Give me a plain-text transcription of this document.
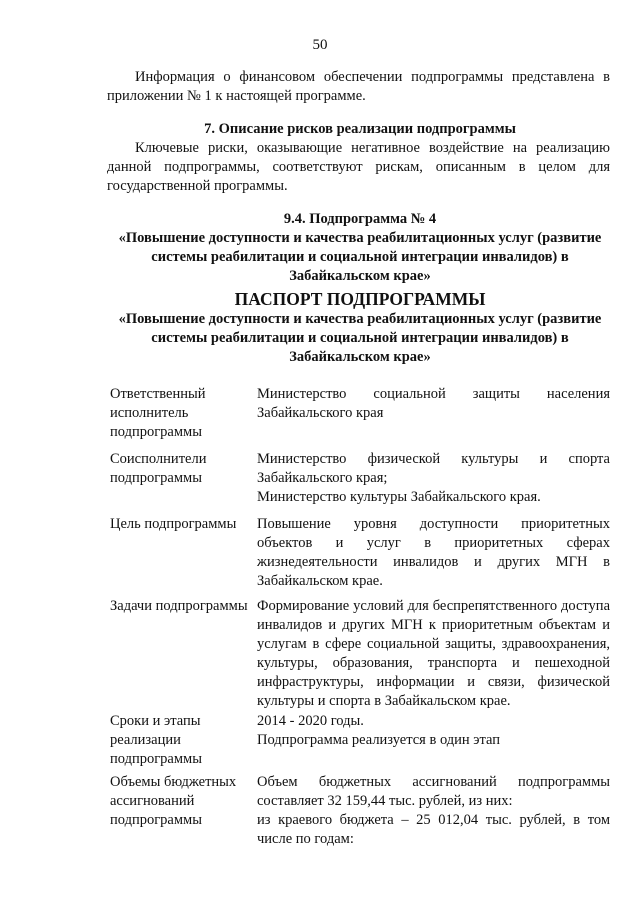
50
Информация о финансовом обеспечении подпрограммы представлена в приложении № 1 к настоящей программе.
7. Описание рисков реализации подпрограммы
Ключевые риски, оказывающие негативное воздействие на реализацию данной подпрограммы, соответствуют рискам, описанным в целом для государственной программы.
9.4. Подпрограмма № 4
«Повышение доступности и качества реабилитационных услуг (развитие
системы реабилитации и социальной интеграции инвалидов) в
Забайкальском крае»
ПАСПОРТ ПОДПРОГРАММЫ
«Повышение доступности и качества реабилитационных услуг (развитие
системы реабилитации и социальной интеграции инвалидов) в
Забайкальском крае»
Ответственный исполнитель подпрограммы
Министерство социальной защиты населения Забайкальского края
Соисполнители подпрограммы
Министерство физической культуры и спорта Забайкальского края;
Министерство культуры Забайкальского края.
Цель подпрограммы	Повышение уровня доступности приоритетных объектов и услуг в приоритетных сферах жизнедеятельности инвалидов и других МГН в Забайкальском крае.
Задачи подпрограммы Формирование условий для беспрепятственного доступа инвалидов и других МГН к приоритетным объектам и услугам в сфере социальной защиты, здравоохранения, культуры, образования, транспорта и пешеходной инфраструктуры, информации и связи, физической культуры и спорта в Забайкальском крае.
Сроки и этапы реализации подпрограммы
2014 - 2020 годы.
Подпрограмма реализуется в один этап
Объемы бюджетных ассигнований подпрограммы
Объем бюджетных ассигнований подпрограммы составляет 32 159,44 тыс. рублей, из них:
из краевого бюджета – 25 012,04 тыс. рублей, в том числе по годам:
